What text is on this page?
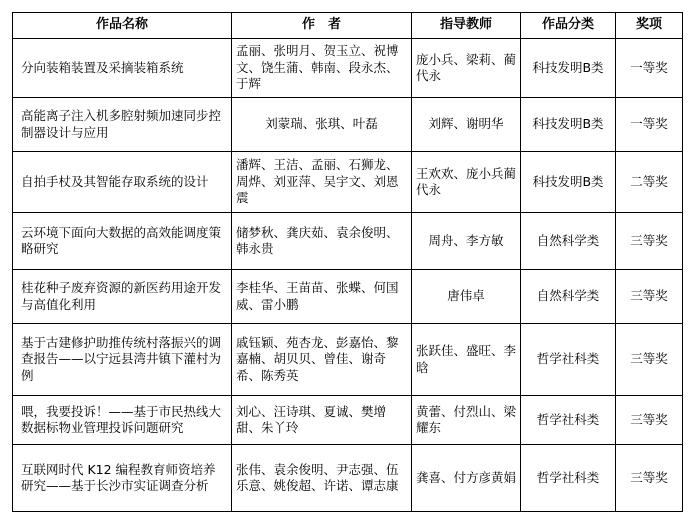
作品名称	作　者	指导教师	作品分类	奖项
分向装箱装置及采摘装箱系统	孟丽、张明月、贺玉立、祝博文、饶生蒲、韩南、段永杰、于辉	庞小兵、梁莉、蔺代永	科技发明B类	一等奖
高能离子注入机多腔射频加速同步控制器设计与应用	刘蒙瑞、张琪、叶磊	刘辉、谢明华	科技发明B类	一等奖
自拍手杖及其智能存取系统的设计	潘辉、王洁、孟丽、石狮龙、周烨、刘亚萍、吴宇文、刘恩震	王欢欢、庞小兵蔺代永	科技发明B类	二等奖
云环境下面向大数据的高效能调度策略研究	储梦秋、龚庆茹、袁余俊明、韩永贵	周舟、李方敏	自然科学类	三等奖
桂花种子废弃资源的新医药用途开发与高值化利用	李桂华、王苗苗、张蝶、何国威、雷小鹏	唐伟卓	自然科学类	三等奖
基于古建修护助推传统村落振兴的调查报告——以宁远县湾井镇下灌村为例	戚钰颖、苑杏龙、彭嘉怡、黎嘉楠、胡贝贝、曾佳、谢奇希、陈秀英	张跃佳、盛旺、李晗	哲学社科类	三等奖
喂，我要投诉！——基于市民热线大数据标物业管理投诉问题研究	刘心、汪诗琪、夏诚、樊增甜、朱丫玲	黄蕾、付烈山、梁耀东	哲学社科类	三等奖
互联网时代 K12 编程教育师资培养研究——基于长沙市实证调查分析	张伟、袁余俊明、尹志强、伍乐意、姚俊超、许诺、谭志康	龚喜、付方彦黄娟	哲学社科类	三等奖
